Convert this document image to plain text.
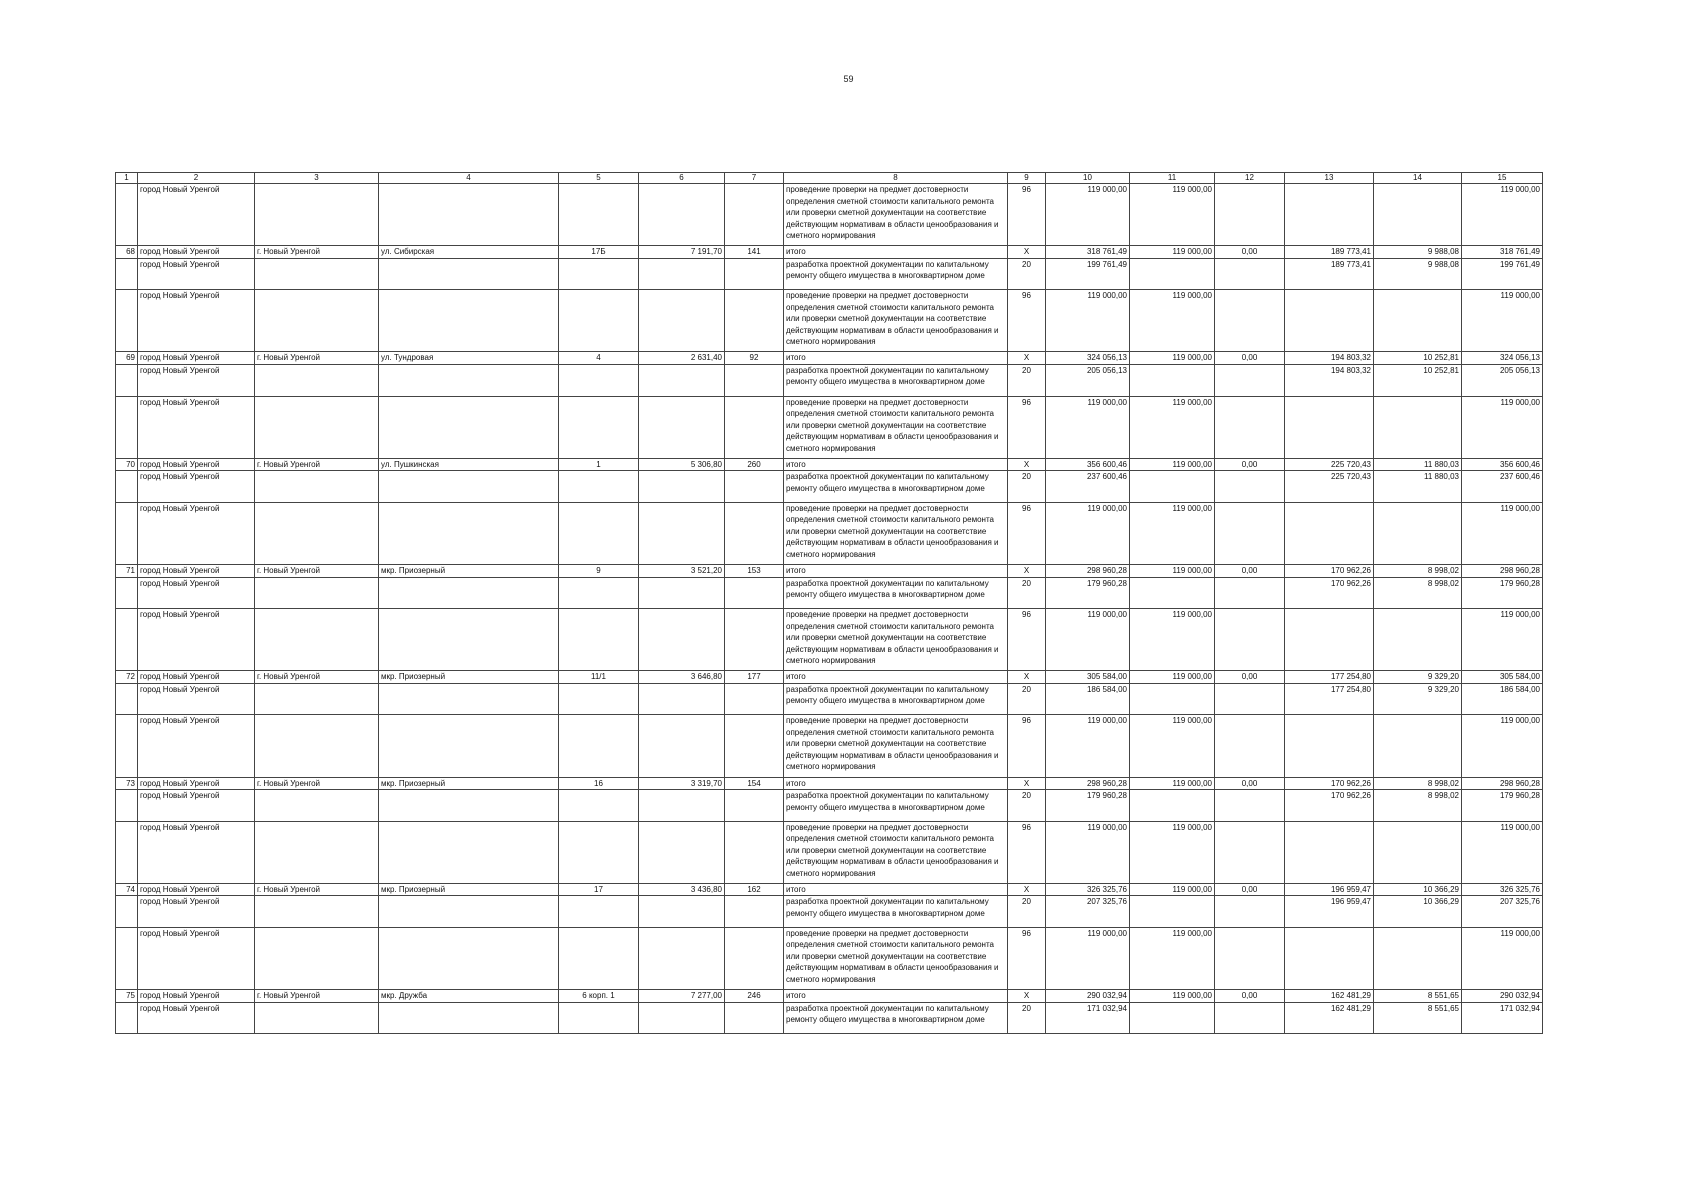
59
1	2	3	4	5	6	7	8	9	10	11	12	13	14	15
	город Новый Уренгой						проведение проверки на предмет достоверности определения сметной стоимости капитального ремонта или проверки сметной документации на соответствие действующим нормативам в области ценообразования и сметного нормирования	96	119 000,00	119 000,00				119 000,00
68	город Новый Уренгой	г. Новый Уренгой	ул. Сибирская	17Б	7 191,70	141	итого	X	318 761,49	119 000,00	0,00	189 773,41	9 988,08	318 761,49
	город Новый Уренгой						разработка проектной документации по капитальному ремонту общего имущества в многоквартирном доме	20	199 761,49			189 773,41	9 988,08	199 761,49
	город Новый Уренгой						проведение проверки на предмет достоверности определения сметной стоимости капитального ремонта или проверки сметной документации на соответствие действующим нормативам в области ценообразования и сметного нормирования	96	119 000,00	119 000,00				119 000,00
69	город Новый Уренгой	г. Новый Уренгой	ул. Тундровая	4	2 631,40	92	итого	X	324 056,13	119 000,00	0,00	194 803,32	10 252,81	324 056,13
	город Новый Уренгой						разработка проектной документации по капитальному ремонту общего имущества в многоквартирном доме	20	205 056,13			194 803,32	10 252,81	205 056,13
	город Новый Уренгой						проведение проверки на предмет достоверности определения сметной стоимости капитального ремонта или проверки сметной документации на соответствие действующим нормативам в области ценообразования и сметного нормирования	96	119 000,00	119 000,00				119 000,00
70	город Новый Уренгой	г. Новый Уренгой	ул. Пушкинская	1	5 306,80	260	итого	X	356 600,46	119 000,00	0,00	225 720,43	11 880,03	356 600,46
	город Новый Уренгой						разработка проектной документации по капитальному ремонту общего имущества в многоквартирном доме	20	237 600,46			225 720,43	11 880,03	237 600,46
	город Новый Уренгой						проведение проверки на предмет достоверности определения сметной стоимости капитального ремонта или проверки сметной документации на соответствие действующим нормативам в области ценообразования и сметного нормирования	96	119 000,00	119 000,00				119 000,00
71	город Новый Уренгой	г. Новый Уренгой	мкр. Приозерный	9	3 521,20	153	итого	X	298 960,28	119 000,00	0,00	170 962,26	8 998,02	298 960,28
	город Новый Уренгой						разработка проектной документации по капитальному ремонту общего имущества в многоквартирном доме	20	179 960,28			170 962,26	8 998,02	179 960,28
	город Новый Уренгой						проведение проверки на предмет достоверности определения сметной стоимости капитального ремонта или проверки сметной документации на соответствие действующим нормативам в области ценообразования и сметного нормирования	96	119 000,00	119 000,00				119 000,00
72	город Новый Уренгой	г. Новый Уренгой	мкр. Приозерный	11/1	3 646,80	177	итого	X	305 584,00	119 000,00	0,00	177 254,80	9 329,20	305 584,00
	город Новый Уренгой						разработка проектной документации по капитальному ремонту общего имущества в многоквартирном доме	20	186 584,00			177 254,80	9 329,20	186 584,00
	город Новый Уренгой						проведение проверки на предмет достоверности определения сметной стоимости капитального ремонта или проверки сметной документации на соответствие действующим нормативам в области ценообразования и сметного нормирования	96	119 000,00	119 000,00				119 000,00
73	город Новый Уренгой	г. Новый Уренгой	мкр. Приозерный	16	3 319,70	154	итого	X	298 960,28	119 000,00	0,00	170 962,26	8 998,02	298 960,28
	город Новый Уренгой						разработка проектной документации по капитальному ремонту общего имущества в многоквартирном доме	20	179 960,28			170 962,26	8 998,02	179 960,28
	город Новый Уренгой						проведение проверки на предмет достоверности определения сметной стоимости капитального ремонта или проверки сметной документации на соответствие действующим нормативам в области ценообразования и сметного нормирования	96	119 000,00	119 000,00				119 000,00
74	город Новый Уренгой	г. Новый Уренгой	мкр. Приозерный	17	3 436,80	162	итого	X	326 325,76	119 000,00	0,00	196 959,47	10 366,29	326 325,76
	город Новый Уренгой						разработка проектной документации по капитальному ремонту общего имущества в многоквартирном доме	20	207 325,76			196 959,47	10 366,29	207 325,76
	город Новый Уренгой						проведение проверки на предмет достоверности определения сметной стоимости капитального ремонта или проверки сметной документации на соответствие действующим нормативам в области ценообразования и сметного нормирования	96	119 000,00	119 000,00				119 000,00
75	город Новый Уренгой	г. Новый Уренгой	мкр. Дружба	6 корп. 1	7 277,00	246	итого	X	290 032,94	119 000,00	0,00	162 481,29	8 551,65	290 032,94
	город Новый Уренгой						разработка проектной документации по капитальному ремонту общего имущества в многоквартирном доме	20	171 032,94			162 481,29	8 551,65	171 032,94
